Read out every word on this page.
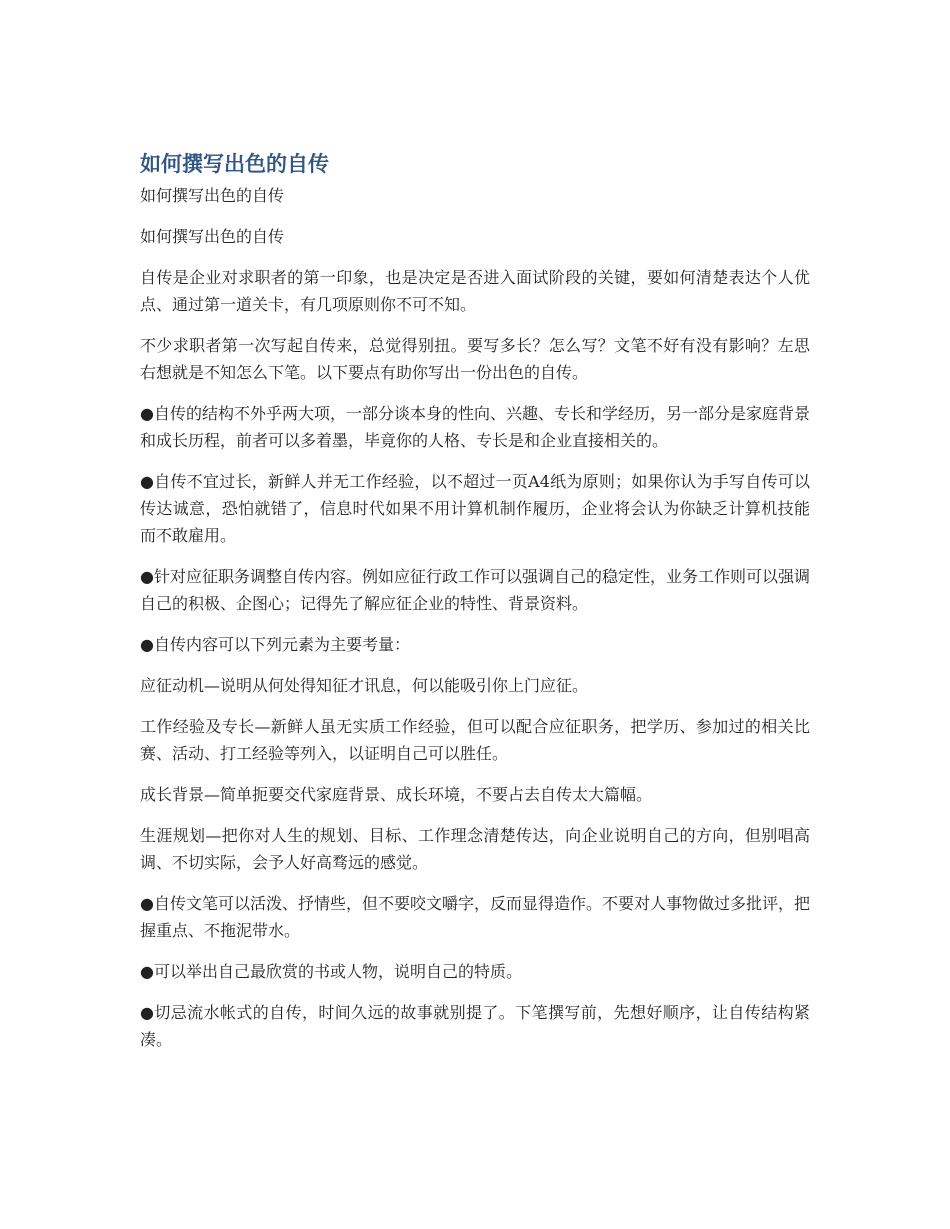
如何撰写出色的自传

如何撰写出色的自传

如何撰写出色的自传

自传是企业对求职者的第一印象，也是决定是否进入面试阶段的关键，要如何清楚表达个人优点、通过第一道关卡，有几项原则你不可不知。

不少求职者第一次写起自传来，总觉得别扭。要写多长？怎么写？文笔不好有没有影响？左思右想就是不知怎么下笔。以下要点有助你写出一份出色的自传。

●自传的结构不外乎两大项，一部分谈本身的性向、兴趣、专长和学经历，另一部分是家庭背景和成长历程，前者可以多着墨，毕竟你的人格、专长是和企业直接相关的。

●自传不宜过长，新鲜人并无工作经验，以不超过一页A4纸为原则；如果你认为手写自传可以传达诚意，恐怕就错了，信息时代如果不用计算机制作履历，企业将会认为你缺乏计算机技能而不敢雇用。

●针对应征职务调整自传内容。例如应征行政工作可以强调自己的稳定性，业务工作则可以强调自己的积极、企图心；记得先了解应征企业的特性、背景资料。

●自传内容可以下列元素为主要考量：

应征动机—说明从何处得知征才讯息，何以能吸引你上门应征。

工作经验及专长—新鲜人虽无实质工作经验，但可以配合应征职务，把学历、参加过的相关比赛、活动、打工经验等列入，以证明自己可以胜任。

成长背景—简单扼要交代家庭背景、成长环境，不要占去自传太大篇幅。

生涯规划—把你对人生的规划、目标、工作理念清楚传达，向企业说明自己的方向，但别唱高调、不切实际，会予人好高骛远的感觉。

●自传文笔可以活泼、抒情些，但不要咬文嚼字，反而显得造作。不要对人事物做过多批评，把握重点、不拖泥带水。

●可以举出自己最欣赏的书或人物，说明自己的特质。

●切忌流水帐式的自传，时间久远的故事就别提了。下笔撰写前，先想好顺序，让自传结构紧凑。
